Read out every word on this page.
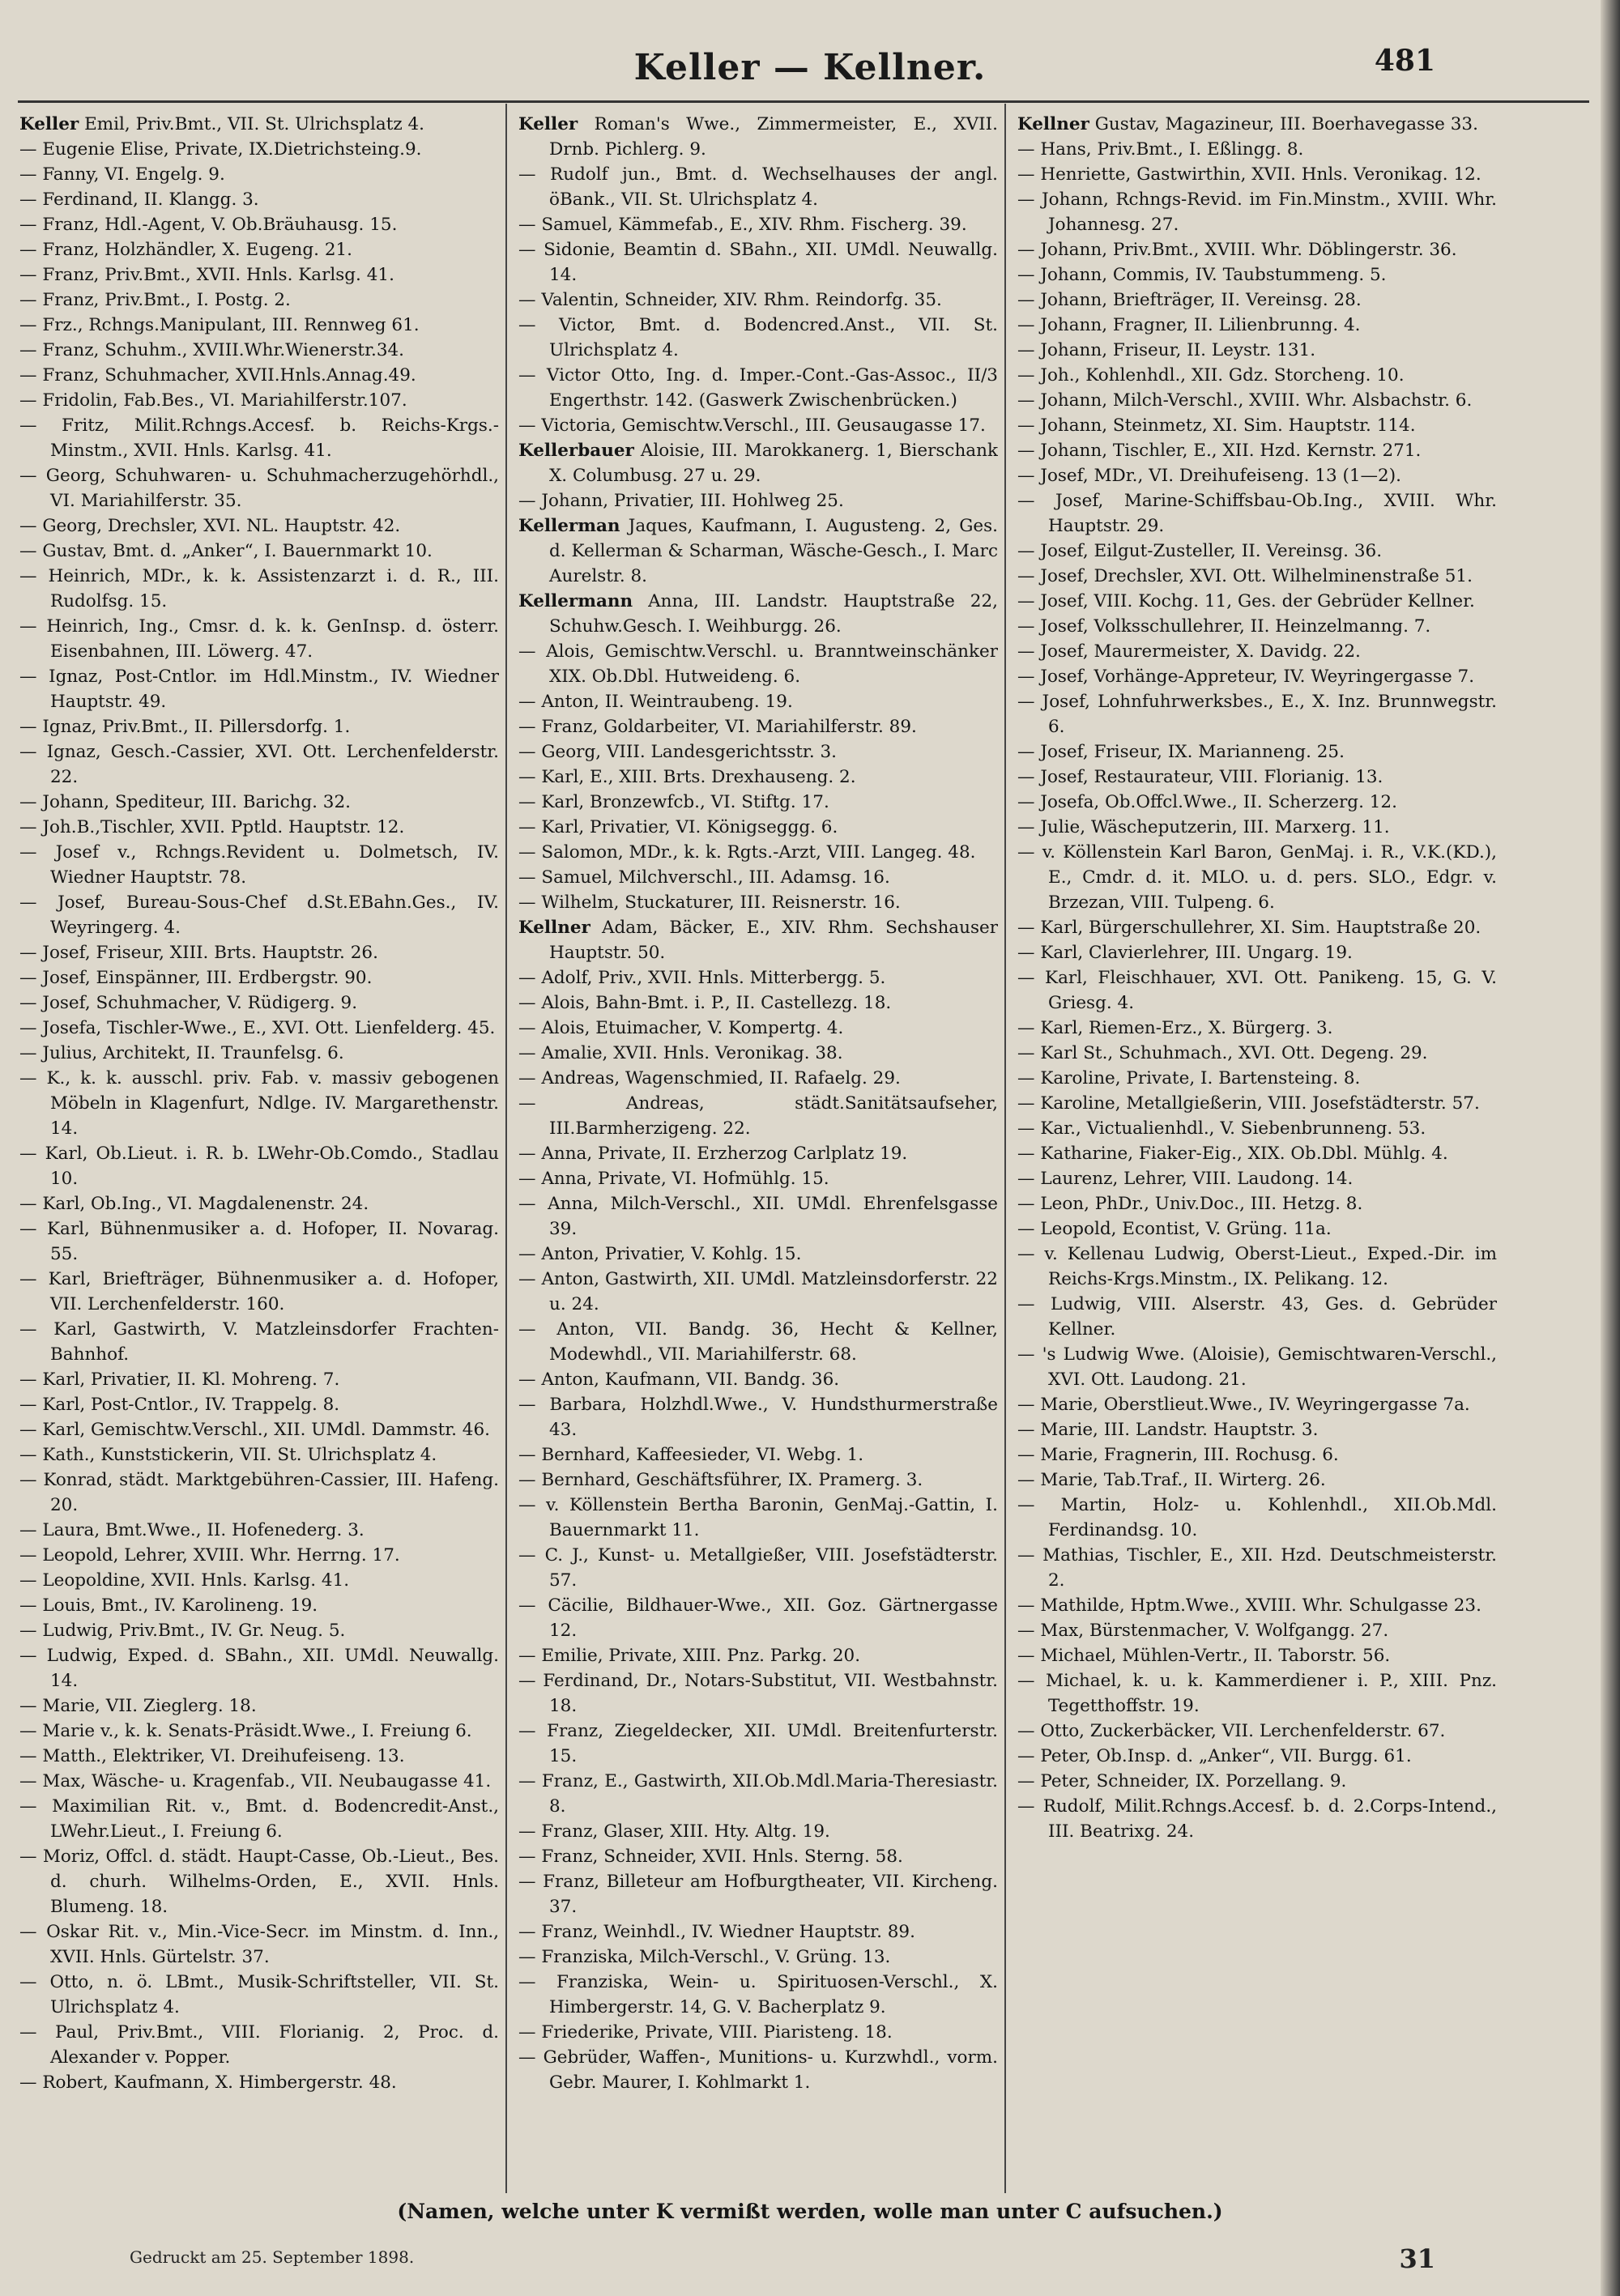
Keller — Kellner.	481

Keller Emil, Priv.Bmt., VII. St. Ulrichsplatz 4.

— Eugenie Elise, Private, IX.Dietrichsteing.9.

— Fanny, VI. Engelg. 9.

— Ferdinand, II. Klangg. 3.

— Franz, Hdl.-Agent, V. Ob.Bräuhausg. 15.

— Franz, Holzhändler, X. Eugeng. 21.

— Franz, Priv.Bmt., XVII. Hnls. Karlsg. 41.

— Franz, Priv.Bmt., I. Postg. 2.

— Frz., Rchngs.Manipulant, III. Rennweg 61.

— Franz, Schuhm., XVIII.Whr.Wienerstr.34.

— Franz, Schuhmacher, XVII.Hnls.Annag.49.

— Fridolin, Fab.Bes., VI. Mariahilferstr.107.

— Fritz, Milit.Rchngs.Accesf. b. Reichs-Krgs.-Minstm., XVII. Hnls. Karlsg. 41.

— Georg, Schuhwaren- u. Schuhmacherzugehörhdl., VI. Mariahilferstr. 35.

— Georg, Drechsler, XVI. NL. Hauptstr. 42.

— Gustav, Bmt. d. „Anker“, I. Bauernmarkt 10.

— Heinrich, MDr., k. k. Assistenzarzt i. d. R., III. Rudolfsg. 15.

— Heinrich, Ing., Cmsr. d. k. k. GenInsp. d. österr. Eisenbahnen, III. Löwerg. 47.

— Ignaz, Post-Cntlor. im Hdl.Minstm., IV. Wiedner Hauptstr. 49.

— Ignaz, Priv.Bmt., II. Pillersdorfg. 1.

— Ignaz, Gesch.-Cassier, XVI. Ott. Lerchenfelderstr. 22.

— Johann, Spediteur, III. Barichg. 32.

— Joh.B.,Tischler, XVII. Pptld. Hauptstr. 12.

— Josef v., Rchngs.Revident u. Dolmetsch, IV. Wiedner Hauptstr. 78.

— Josef, Bureau-Sous-Chef d.St.EBahn.Ges., IV. Weyringerg. 4.

— Josef, Friseur, XIII. Brts. Hauptstr. 26.

— Josef, Einspänner, III. Erdbergstr. 90.

— Josef, Schuhmacher, V. Rüdigerg. 9.

— Josefa, Tischler-Wwe., E., XVI. Ott. Lienfelderg. 45.

— Julius, Architekt, II. Traunfelsg. 6.

— K., k. k. ausschl. priv. Fab. v. massiv gebogenen Möbeln in Klagenfurt, Ndlge. IV. Margarethenstr. 14.

— Karl, Ob.Lieut. i. R. b. LWehr-Ob.Comdo., Stadlau 10.

— Karl, Ob.Ing., VI. Magdalenenstr. 24.

— Karl, Bühnenmusiker a. d. Hofoper, II. Novarag. 55.

— Karl, Briefträger, Bühnenmusiker a. d. Hofoper, VII. Lerchenfelderstr. 160.

— Karl, Gastwirth, V. Matzleinsdorfer Frachten-Bahnhof.

— Karl, Privatier, II. Kl. Mohreng. 7.

— Karl, Post-Cntlor., IV. Trappelg. 8.

— Karl, Gemischtw.Verschl., XII. UMdl. Dammstr. 46.

— Kath., Kunststickerin, VII. St. Ulrichsplatz 4.

— Konrad, städt. Marktgebühren-Cassier, III. Hafeng. 20.

— Laura, Bmt.Wwe., II. Hofenederg. 3.

— Leopold, Lehrer, XVIII. Whr. Herrng. 17.

— Leopoldine, XVII. Hnls. Karlsg. 41.

— Louis, Bmt., IV. Karolineng. 19.

— Ludwig, Priv.Bmt., IV. Gr. Neug. 5.

— Ludwig, Exped. d. SBahn., XII. UMdl. Neuwallg. 14.

— Marie, VII. Zieglerg. 18.

— Marie v., k. k. Senats-Präsidt.Wwe., I. Freiung 6.

— Matth., Elektriker, VI. Dreihufeiseng. 13.

— Max, Wäsche- u. Kragenfab., VII. Neubaugasse 41.

— Maximilian Rit. v., Bmt. d. Bodencredit-Anst., LWehr.Lieut., I. Freiung 6.

— Moriz, Offcl. d. städt. Haupt-Casse, Ob.-Lieut., Bes. d. churh. Wilhelms-Orden, E., XVII. Hnls. Blumeng. 18.

— Oskar Rit. v., Min.-Vice-Secr. im Minstm. d. Inn., XVII. Hnls. Gürtelstr. 37.

— Otto, n. ö. LBmt., Musik-Schriftsteller, VII. St. Ulrichsplatz 4.

— Paul, Priv.Bmt., VIII. Florianig. 2, Proc. d. Alexander v. Popper.

— Robert, Kaufmann, X. Himbergerstr. 48.

Keller Roman's Wwe., Zimmermeister, E., XVII. Drnb. Pichlerg. 9.

— Rudolf jun., Bmt. d. Wechselhauses der angl. öBank., VII. St. Ulrichsplatz 4.

— Samuel, Kämmefab., E., XIV. Rhm. Fischerg. 39.

— Sidonie, Beamtin d. SBahn., XII. UMdl. Neuwallg. 14.

— Valentin, Schneider, XIV. Rhm. Reindorfg. 35.

— Victor, Bmt. d. Bodencred.Anst., VII. St. Ulrichsplatz 4.

— Victor Otto, Ing. d. Imper.-Cont.-Gas-Assoc., II/3 Engerthstr. 142. (Gaswerk Zwischenbrücken.)

— Victoria, Gemischtw.Verschl., III. Geusaugasse 17.

Kellerbauer Aloisie, III. Marokkanerg. 1, Bierschank X. Columbusg. 27 u. 29.

— Johann, Privatier, III. Hohlweg 25.

Kellerman Jaques, Kaufmann, I. Augusteng. 2, Ges. d. Kellerman & Scharman, Wäsche-Gesch., I. Marc Aurelstr. 8.

Kellermann Anna, III. Landstr. Hauptstraße 22, Schuhw.Gesch. I. Weihburgg. 26.

— Alois, Gemischtw.Verschl. u. Branntweinschänker XIX. Ob.Dbl. Hutweideng. 6.

— Anton, II. Weintraubeng. 19.

— Franz, Goldarbeiter, VI. Mariahilferstr. 89.

— Georg, VIII. Landesgerichtsstr. 3.

— Karl, E., XIII. Brts. Drexhauseng. 2.

— Karl, Bronzewfcb., VI. Stiftg. 17.

— Karl, Privatier, VI. Königseggg. 6.

— Salomon, MDr., k. k. Rgts.-Arzt, VIII. Langeg. 48.

— Samuel, Milchverschl., III. Adamsg. 16.

— Wilhelm, Stuckaturer, III. Reisnerstr. 16.

Kellner Adam, Bäcker, E., XIV. Rhm. Sechshauser Hauptstr. 50.

— Adolf, Priv., XVII. Hnls. Mitterbergg. 5.

— Alois, Bahn-Bmt. i. P., II. Castellezg. 18.

— Alois, Etuimacher, V. Kompertg. 4.

— Amalie, XVII. Hnls. Veronikag. 38.

— Andreas, Wagenschmied, II. Rafaelg. 29.

— Andreas, städt.Sanitätsaufseher, III.Barmherzigeng. 22.

— Anna, Private, II. Erzherzog Carlplatz 19.

— Anna, Private, VI. Hofmühlg. 15.

— Anna, Milch-Verschl., XII. UMdl. Ehrenfelsgasse 39.

— Anton, Privatier, V. Kohlg. 15.

— Anton, Gastwirth, XII. UMdl. Matzleinsdorferstr. 22 u. 24.

— Anton, VII. Bandg. 36, Hecht & Kellner, Modewhdl., VII. Mariahilferstr. 68.

— Anton, Kaufmann, VII. Bandg. 36.

— Barbara, Holzhdl.Wwe., V. Hundsthurmerstraße 43.

— Bernhard, Kaffeesieder, VI. Webg. 1.

— Bernhard, Geschäftsführer, IX. Pramerg. 3.

— v. Köllenstein Bertha Baronin, GenMaj.-Gattin, I. Bauernmarkt 11.

— C. J., Kunst- u. Metallgießer, VIII. Josefstädterstr. 57.

— Cäcilie, Bildhauer-Wwe., XII. Goz. Gärtnergasse 12.

— Emilie, Private, XIII. Pnz. Parkg. 20.

— Ferdinand, Dr., Notars-Substitut, VII. Westbahnstr. 18.

— Franz, Ziegeldecker, XII. UMdl. Breitenfurterstr. 15.

— Franz, E., Gastwirth, XII.Ob.Mdl.Maria-Theresiastr. 8.

— Franz, Glaser, XIII. Hty. Altg. 19.

— Franz, Schneider, XVII. Hnls. Sterng. 58.

— Franz, Billeteur am Hofburgtheater, VII. Kircheng. 37.

— Franz, Weinhdl., IV. Wiedner Hauptstr. 89.

— Franziska, Milch-Verschl., V. Grüng. 13.

— Franziska, Wein- u. Spirituosen-Verschl., X. Himbergerstr. 14, G. V. Bacherplatz 9.

— Friederike, Private, VIII. Piaristeng. 18.

— Gebrüder, Waffen-, Munitions- u. Kurzwhdl., vorm. Gebr. Maurer, I. Kohlmarkt 1.

Kellner Gustav, Magazineur, III. Boerhavegasse 33.

— Hans, Priv.Bmt., I. Eßlingg. 8.

— Henriette, Gastwirthin, XVII. Hnls. Veronikag. 12.

— Johann, Rchngs-Revid. im Fin.Minstm., XVIII. Whr. Johannesg. 27.

— Johann, Priv.Bmt., XVIII. Whr. Döblingerstr. 36.

— Johann, Commis, IV. Taubstummeng. 5.

— Johann, Briefträger, II. Vereinsg. 28.

— Johann, Fragner, II. Lilienbrunng. 4.

— Johann, Friseur, II. Leystr. 131.

— Joh., Kohlenhdl., XII. Gdz. Storcheng. 10.

— Johann, Milch-Verschl., XVIII. Whr. Alsbachstr. 6.

— Johann, Steinmetz, XI. Sim. Hauptstr. 114.

— Johann, Tischler, E., XII. Hzd. Kernstr. 271.

— Josef, MDr., VI. Dreihufeiseng. 13 (1—2).

— Josef, Marine-Schiffsbau-Ob.Ing., XVIII. Whr. Hauptstr. 29.

— Josef, Eilgut-Zusteller, II. Vereinsg. 36.

— Josef, Drechsler, XVI. Ott. Wilhelminenstraße 51.

— Josef, VIII. Kochg. 11, Ges. der Gebrüder Kellner.

— Josef, Volksschullehrer, II. Heinzelmanng. 7.

— Josef, Maurermeister, X. Davidg. 22.

— Josef, Vorhänge-Appreteur, IV. Weyringergasse 7.

— Josef, Lohnfuhrwerksbes., E., X. Inz. Brunnwegstr. 6.

— Josef, Friseur, IX. Marianneng. 25.

— Josef, Restaurateur, VIII. Florianig. 13.

— Josefa, Ob.Offcl.Wwe., II. Scherzerg. 12.

— Julie, Wäscheputzerin, III. Marxerg. 11.

— v. Köllenstein Karl Baron, GenMaj. i. R., V.K.(KD.), E., Cmdr. d. it. MLO. u. d. pers. SLO., Edgr. v. Brzezan, VIII. Tulpeng. 6.

— Karl, Bürgerschullehrer, XI. Sim. Hauptstraße 20.

— Karl, Clavierlehrer, III. Ungarg. 19.

— Karl, Fleischhauer, XVI. Ott. Panikeng. 15, G. V. Griesg. 4.

— Karl, Riemen-Erz., X. Bürgerg. 3.

— Karl St., Schuhmach., XVI. Ott. Degeng. 29.

— Karoline, Private, I. Bartensteing. 8.

— Karoline, Metallgießerin, VIII. Josefstädterstr. 57.

— Kar., Victualienhdl., V. Siebenbrunneng. 53.

— Katharine, Fiaker-Eig., XIX. Ob.Dbl. Mühlg. 4.

— Laurenz, Lehrer, VIII. Laudong. 14.

— Leon, PhDr., Univ.Doc., III. Hetzg. 8.

— Leopold, Econtist, V. Grüng. 11a.

— v. Kellenau Ludwig, Oberst-Lieut., Exped.-Dir. im Reichs-Krgs.Minstm., IX. Pelikang. 12.

— Ludwig, VIII. Alserstr. 43, Ges. d. Gebrüder Kellner.

— 's Ludwig Wwe. (Aloisie), Gemischtwaren-Verschl., XVI. Ott. Laudong. 21.

— Marie, Oberstlieut.Wwe., IV. Weyringergasse 7a.

— Marie, III. Landstr. Hauptstr. 3.

— Marie, Fragnerin, III. Rochusg. 6.

— Marie, Tab.Traf., II. Wirterg. 26.

— Martin, Holz- u. Kohlenhdl., XII.Ob.Mdl. Ferdinandsg. 10.

— Mathias, Tischler, E., XII. Hzd. Deutschmeisterstr. 2.

— Mathilde, Hptm.Wwe., XVIII. Whr. Schulgasse 23.

— Max, Bürstenmacher, V. Wolfgangg. 27.

— Michael, Mühlen-Vertr., II. Taborstr. 56.

— Michael, k. u. k. Kammerdiener i. P., XIII. Pnz. Tegetthoffstr. 19.

— Otto, Zuckerbäcker, VII. Lerchenfelderstr. 67.

— Peter, Ob.Insp. d. „Anker“, VII. Burgg. 61.

— Peter, Schneider, IX. Porzellang. 9.

— Rudolf, Milit.Rchngs.Accesf. b. d. 2.Corps-Intend., III. Beatrixg. 24.

(Namen, welche unter K vermißt werden, wolle man unter C aufsuchen.)
Gedruckt am 25. September 1898.	31
